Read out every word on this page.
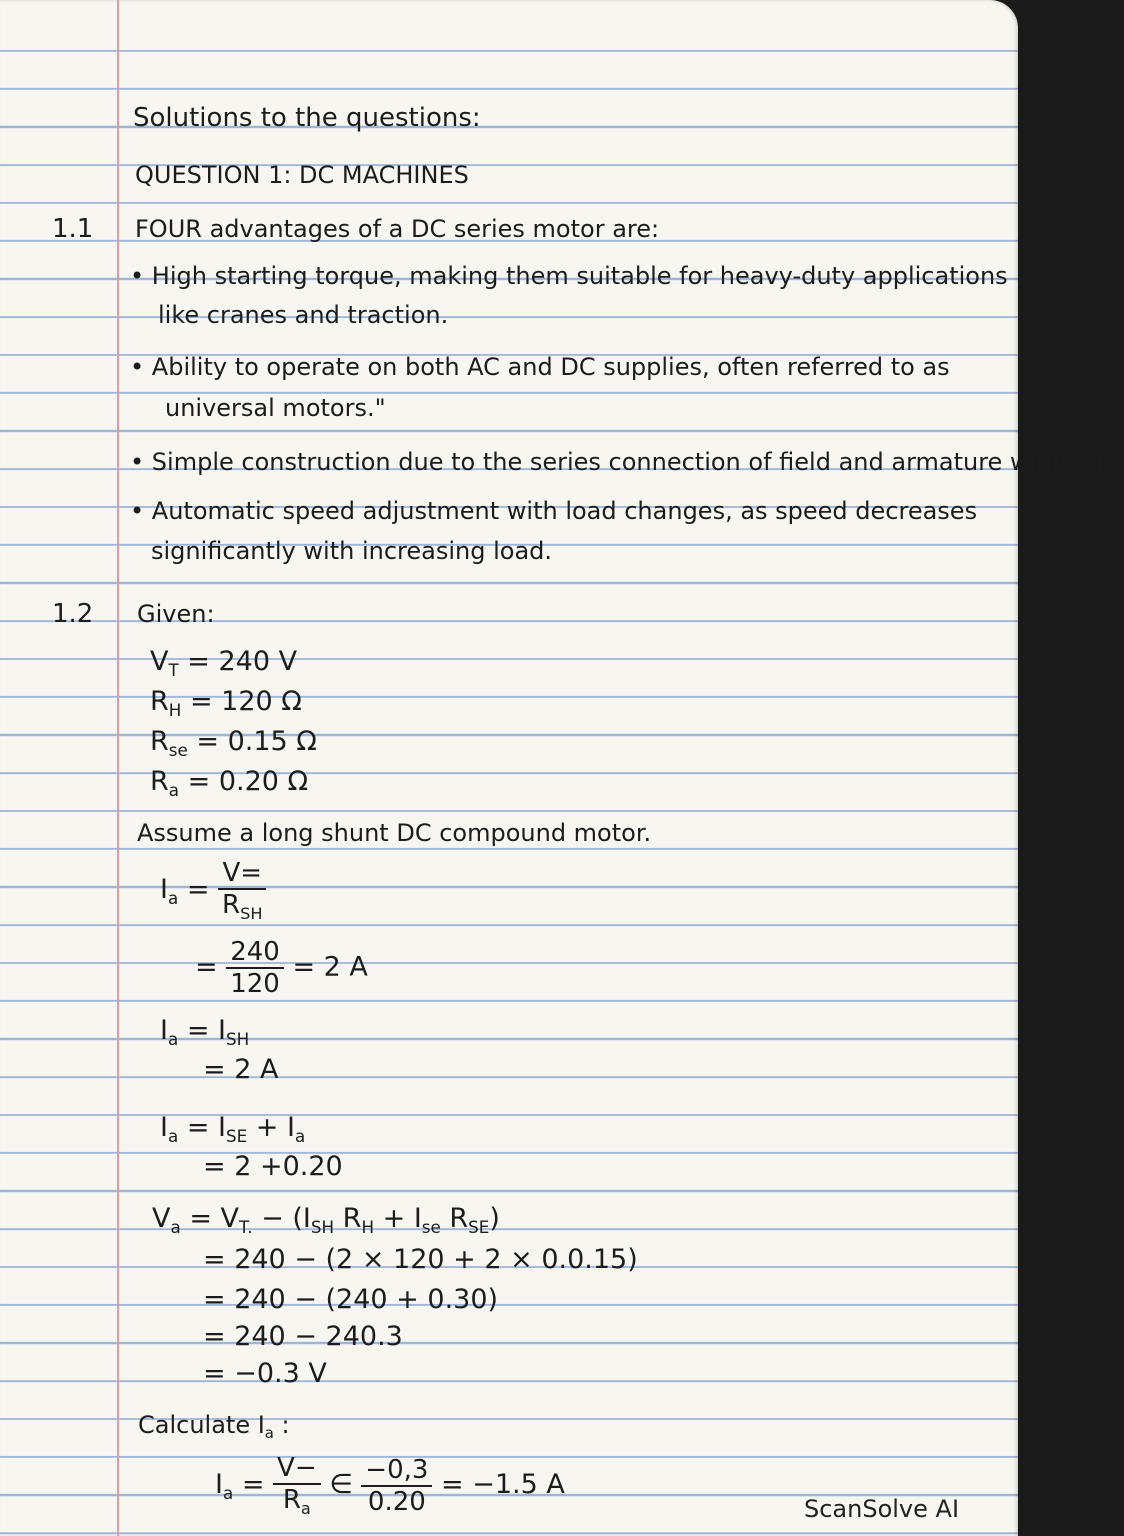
Solutions to the questions:
QUESTION 1: DC MACHINES
1.1 FOUR advantages of a DC series motor are:
• High starting torque, making them suitable for heavy-duty applications
like cranes and traction.
• Ability to operate on both AC and DC supplies, often referred to as
universal motors."
• Simple construction due to the series connection of field and armature windings.
• Automatic speed adjustment with load changes, as speed decreases
significantly with increasing load.
1.2 Given:
$V_T = 240$ V
$R_H = 120$ Ω
$R_{se} = 0.15$ Ω
$R_a = 0.20$ Ω
Assume a long shunt DC compound motor.
$I_a = \frac{V=}{R_{SH}}$
= $\frac{240}{120} = 2$ A
$I_a = I_{SH}$
= 2 A
$I_a = I_{SE} + I_a$
= 2 +0.20
$V_a = V_{T.} - (I_{SH}$ $R_H + I_{se}$ $R_{SE}$)
= 240 − (2 × 120 + 2 × 0.0.15)
= 240 − (240 + 0.30)
= 240 − 240.3
= −0.3 V
Calculate $I_a$ :
$I_a = \frac{V-}{R_a}$ ∈ $\frac{-0,3}{0.20} = -1.5$ A
ScanSolve AI
